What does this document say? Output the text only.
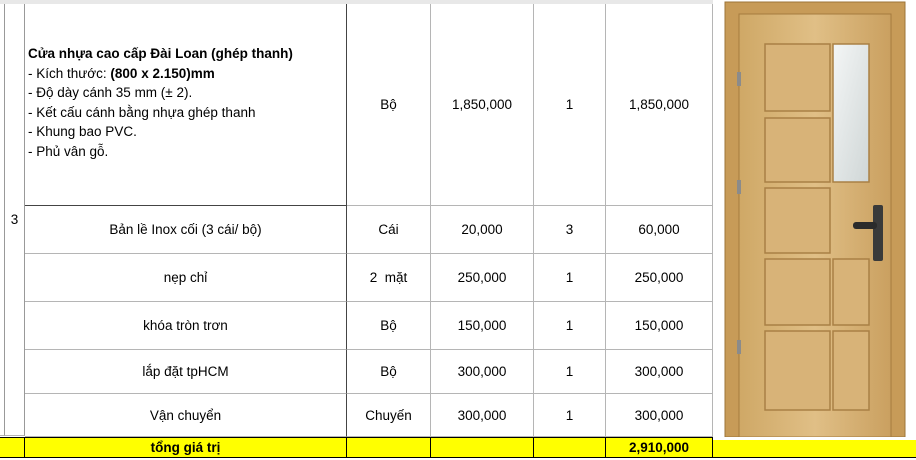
3
Cửa nhựa cao cấp Đài Loan (ghép thanh)
- Kích thước: (800 x 2.150)mm
- Độ dày cánh 35 mm (± 2).
- Kết cấu cánh bằng nhựa ghép thanh
- Khung bao PVC.
- Phủ vân gỗ.
Bộ	1,850,000	1	1,850,000
Bản lề Inox cối (3 cái/ bộ)	Cái	20,000	3	60,000
nẹp chỉ	2  mặt	250,000	1	250,000
khóa tròn trơn	Bộ	150,000	1	150,000
lắp đặt tpHCM	Bộ	300,000	1	300,000
Vận chuyển	Chuyến	300,000	1	300,000
tổng giá trị	2,910,000
